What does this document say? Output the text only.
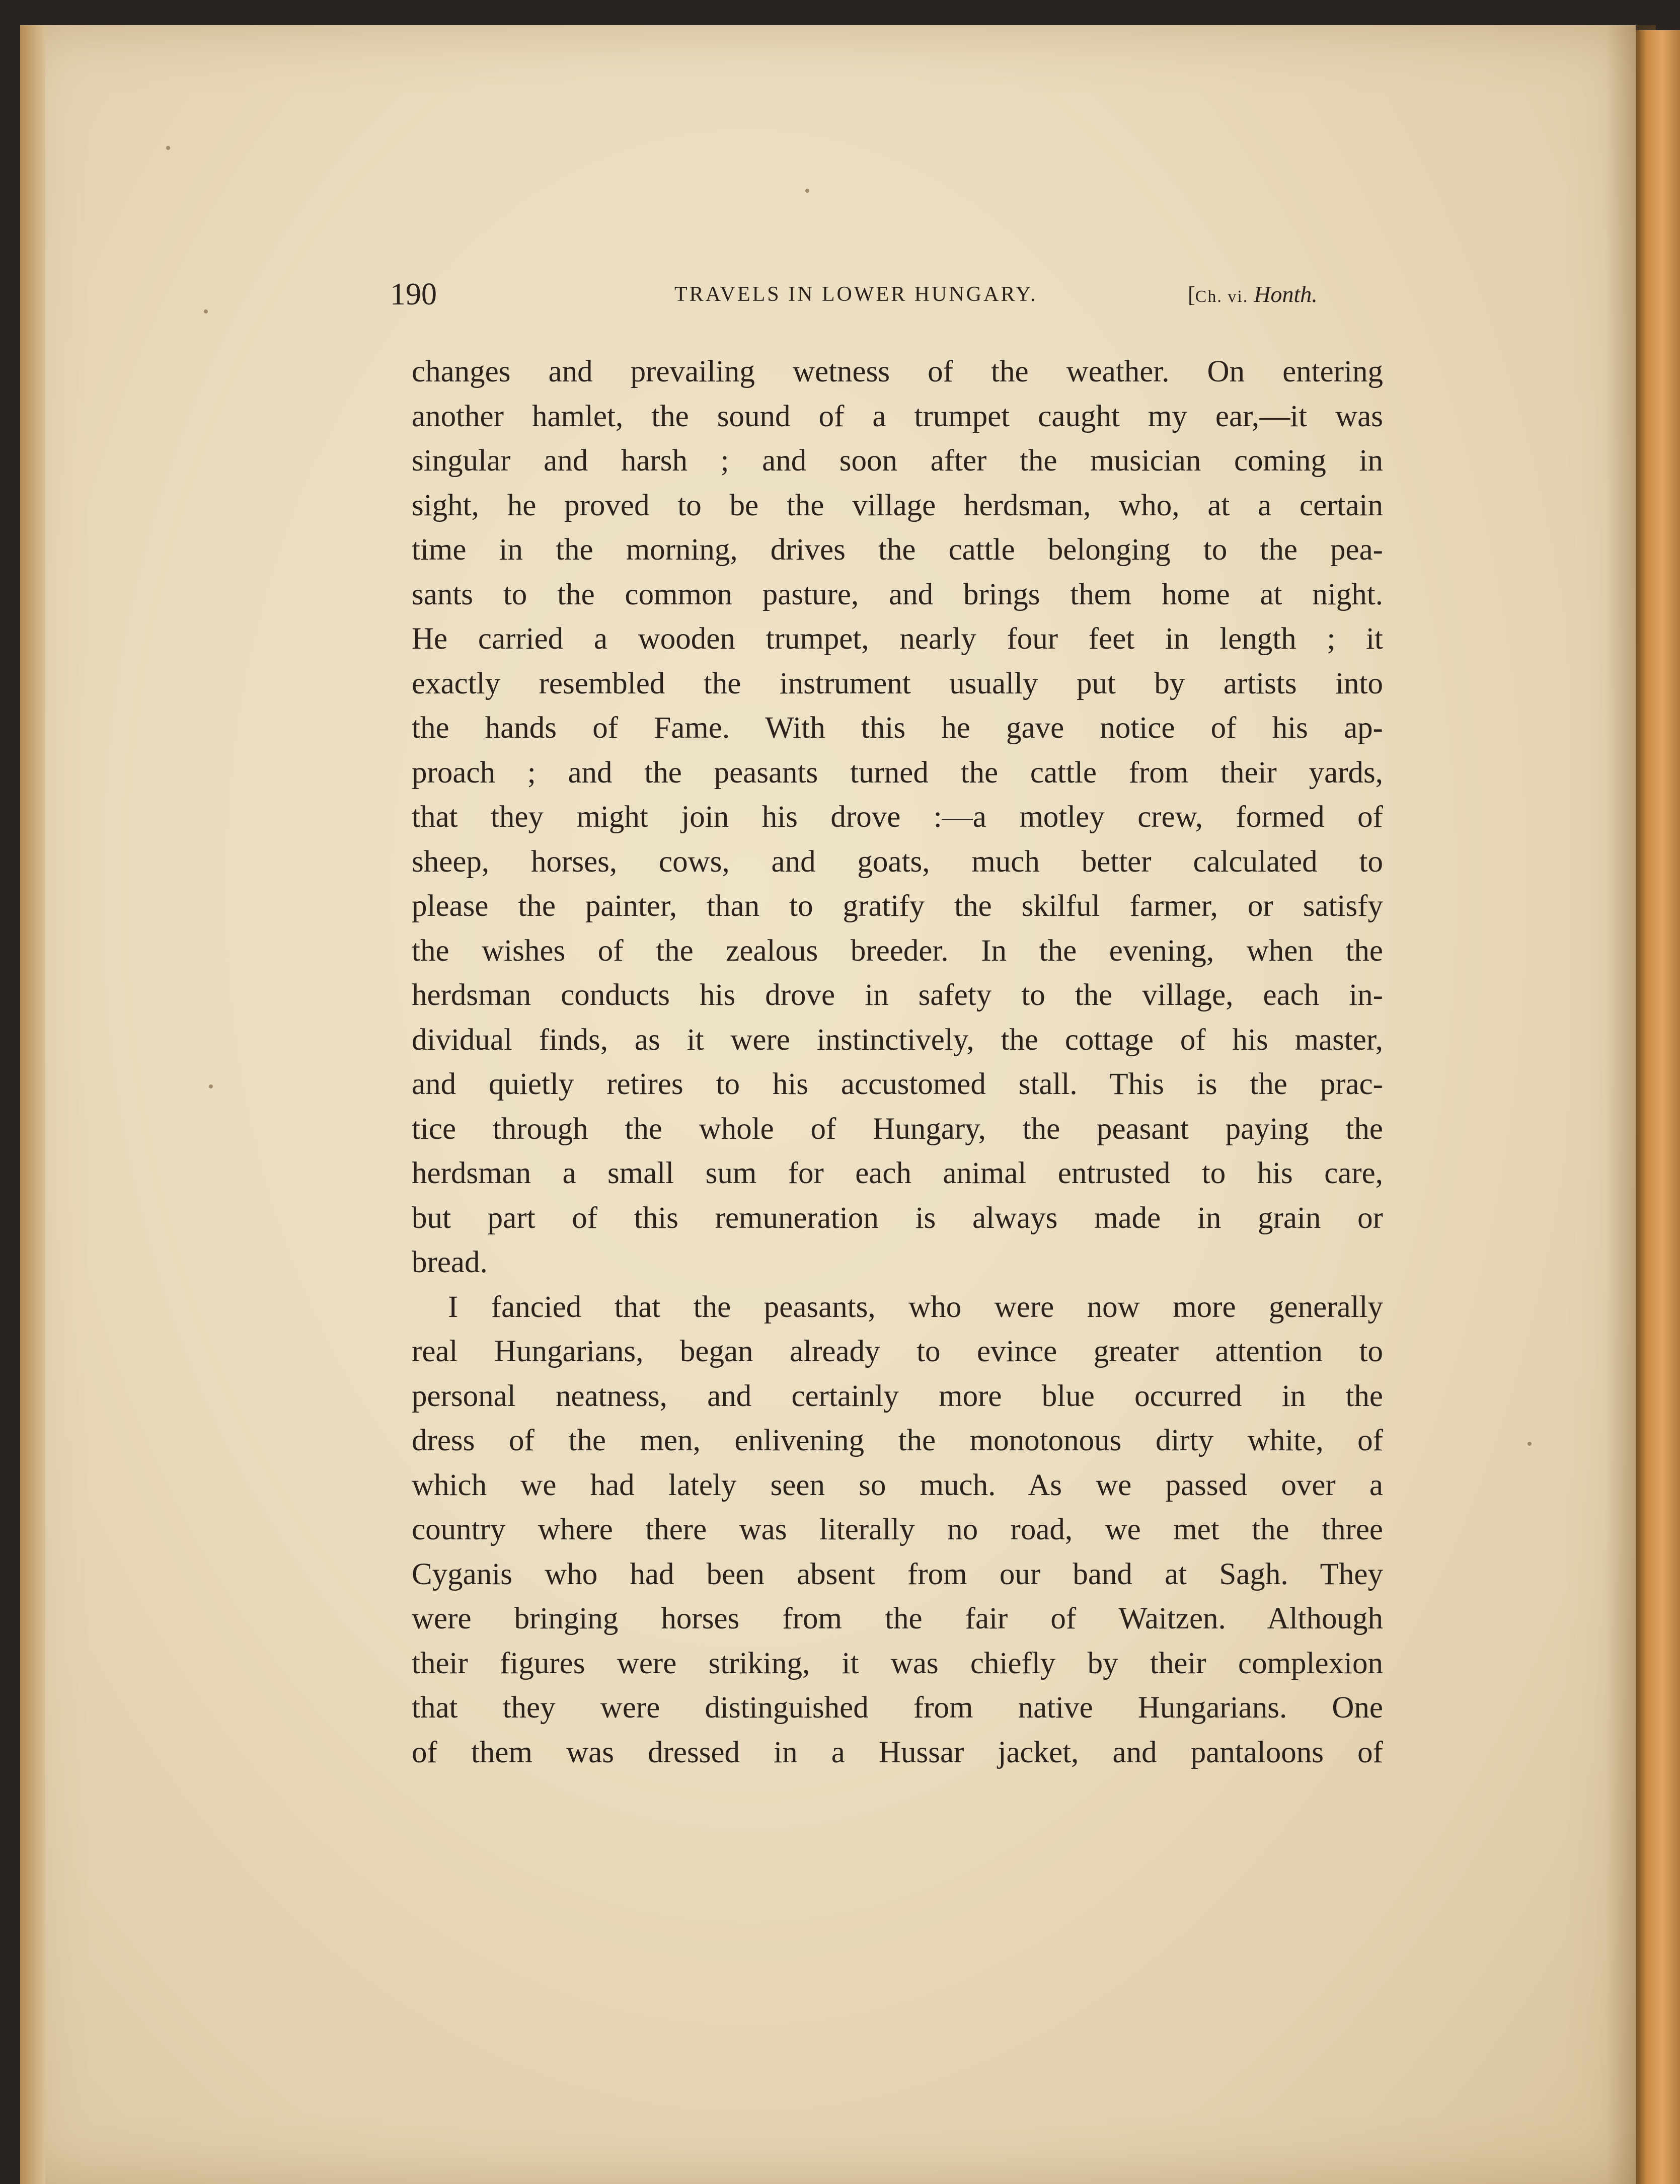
190	TRAVELS IN LOWER HUNGARY.	[Ch. vi. Honth.
changes and prevailing wetness of the weather. On entering
another hamlet, the sound of a trumpet caught my ear,—it was
singular and harsh ; and soon after the musician coming in
sight, he proved to be the village herdsman, who, at a certain
time in the morning, drives the cattle belonging to the pea-
sants to the common pasture, and brings them home at night.
He carried a wooden trumpet, nearly four feet in length ; it
exactly resembled the instrument usually put by artists into
the hands of Fame. With this he gave notice of his ap-
proach ; and the peasants turned the cattle from their yards,
that they might join his drove :—a motley crew, formed of
sheep, horses, cows, and goats, much better calculated to
please the painter, than to gratify the skilful farmer, or satisfy
the wishes of the zealous breeder. In the evening, when the
herdsman conducts his drove in safety to the village, each in-
dividual finds, as it were instinctively, the cottage of his master,
and quietly retires to his accustomed stall. This is the prac-
tice through the whole of Hungary, the peasant paying the
herdsman a small sum for each animal entrusted to his care,
but part of this remuneration is always made in grain or
bread.
I fancied that the peasants, who were now more generally
real Hungarians, began already to evince greater attention to
personal neatness, and certainly more blue occurred in the
dress of the men, enlivening the monotonous dirty white, of
which we had lately seen so much. As we passed over a
country where there was literally no road, we met the three
Cyganis who had been absent from our band at Sagh. They
were bringing horses from the fair of Waitzen. Although
their figures were striking, it was chiefly by their complexion
that they were distinguished from native Hungarians. One
of them was dressed in a Hussar jacket, and pantaloons of
